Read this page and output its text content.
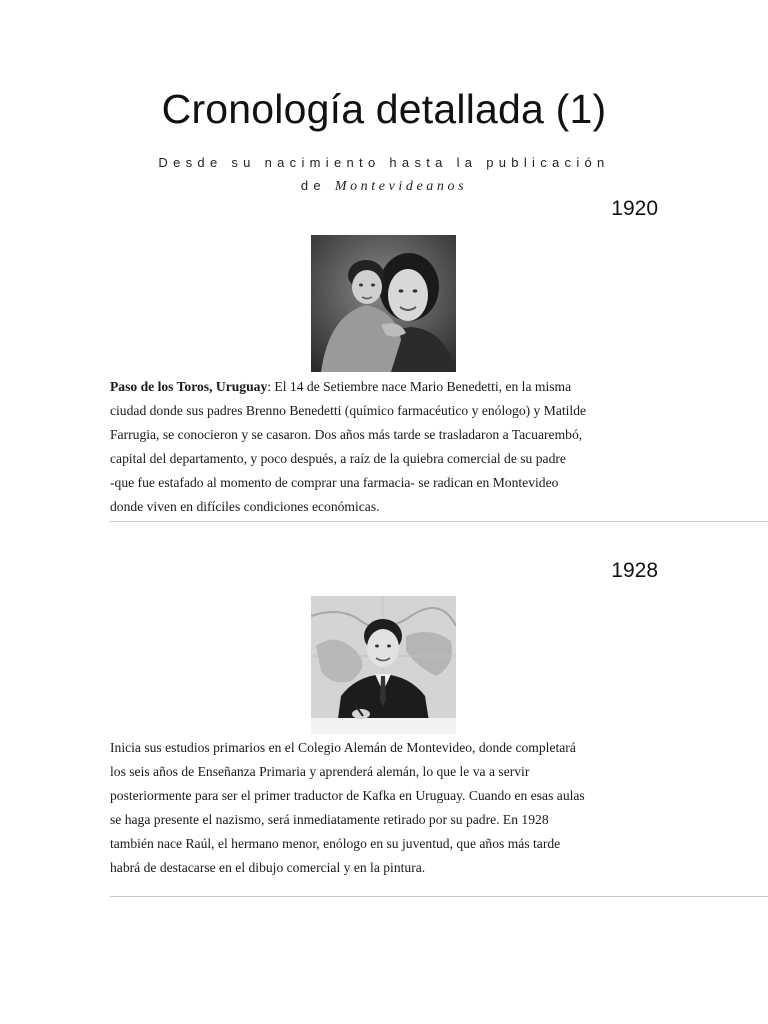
Cronología detallada (1)
Desde su nacimiento hasta la publicación
de Montevideanos
1920
Paso de los Toros, Uruguay: El 14 de Setiembre nace Mario Benedetti, en la misma
ciudad donde sus padres Brenno Benedetti (químico farmacéutico y enólogo) y Matilde
Farrugia, se conocieron y se casaron. Dos años más tarde se trasladaron a Tacuarembó,
capital del departamento, y poco después, a raíz de la quiebra comercial de su padre
-que fue estafado al momento de comprar una farmacia- se radican en Montevideo
donde viven en difíciles condiciones económicas.
1928
Inicia sus estudios primarios en el Colegio Alemán de Montevideo, donde completará
los seis años de Enseñanza Primaria y aprenderá alemán, lo que le va a servir
posteriormente para ser el primer traductor de Kafka en Uruguay. Cuando en esas aulas
se haga presente el nazismo, será inmediatamente retirado por su padre. En 1928
también nace Raúl, el hermano menor, enólogo en su juventud, que años más tarde
habrá de destacarse en el dibujo comercial y en la pintura.
